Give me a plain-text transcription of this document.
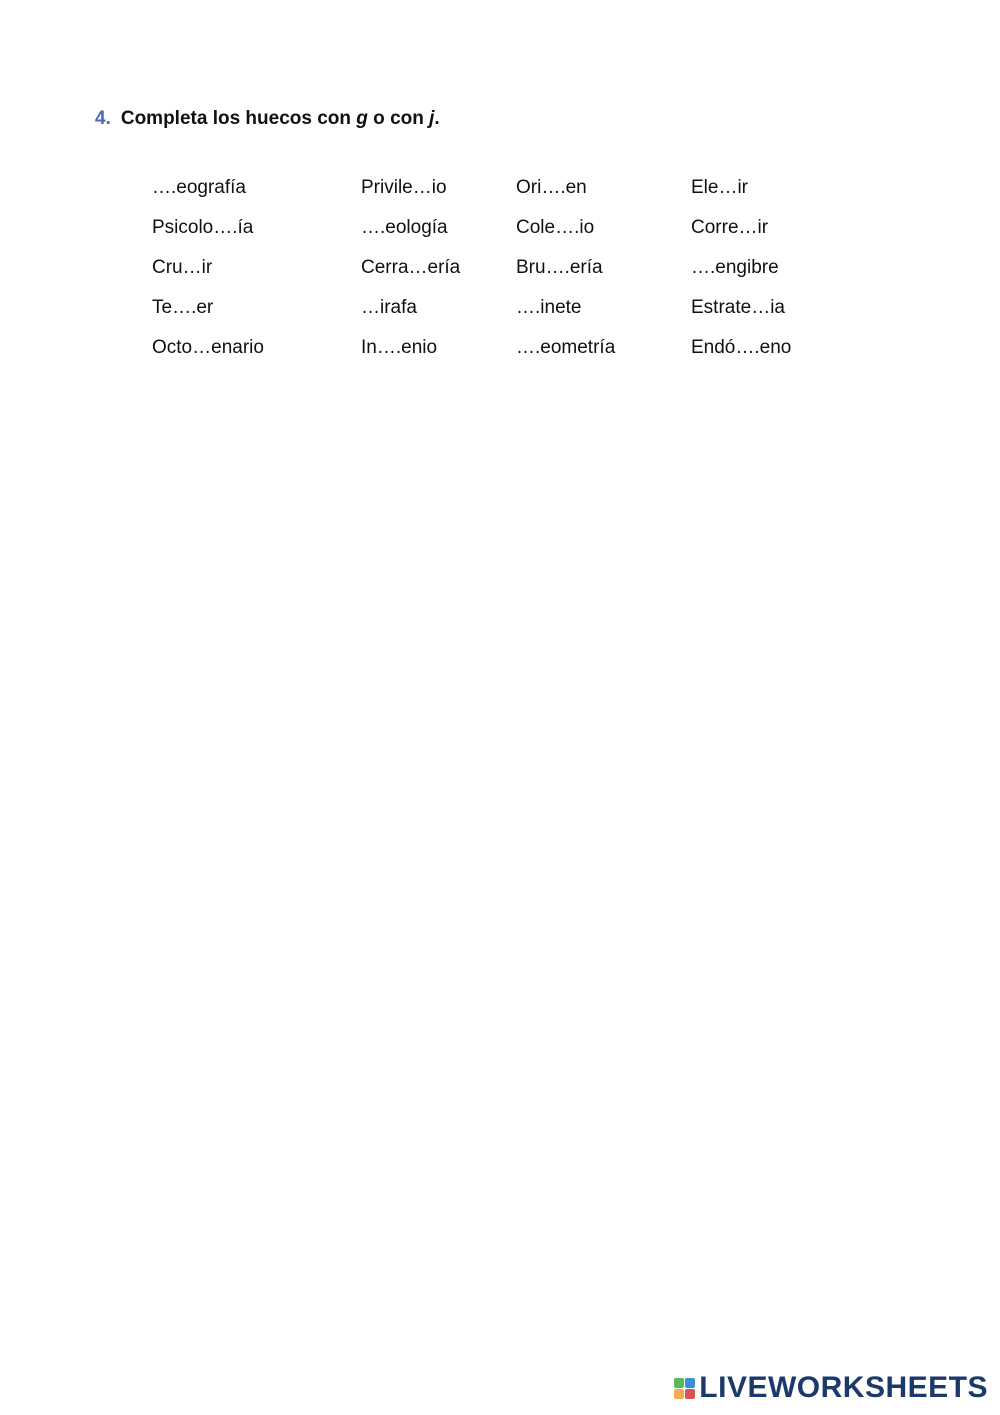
4. Completa los huecos con g o con j.
….eografía	Privile…io	Ori….en	Ele…ir
Psicolo….ía	….eología	Cole….io	Corre…ir
Cru…ir	Cerra…ería	Bru….ería	….engibre
Te….er	…irafa	….inete	Estrate…ia
Octo…enario	In….enio	….eometría	Endó….eno
LIVEWORKSHEETS
